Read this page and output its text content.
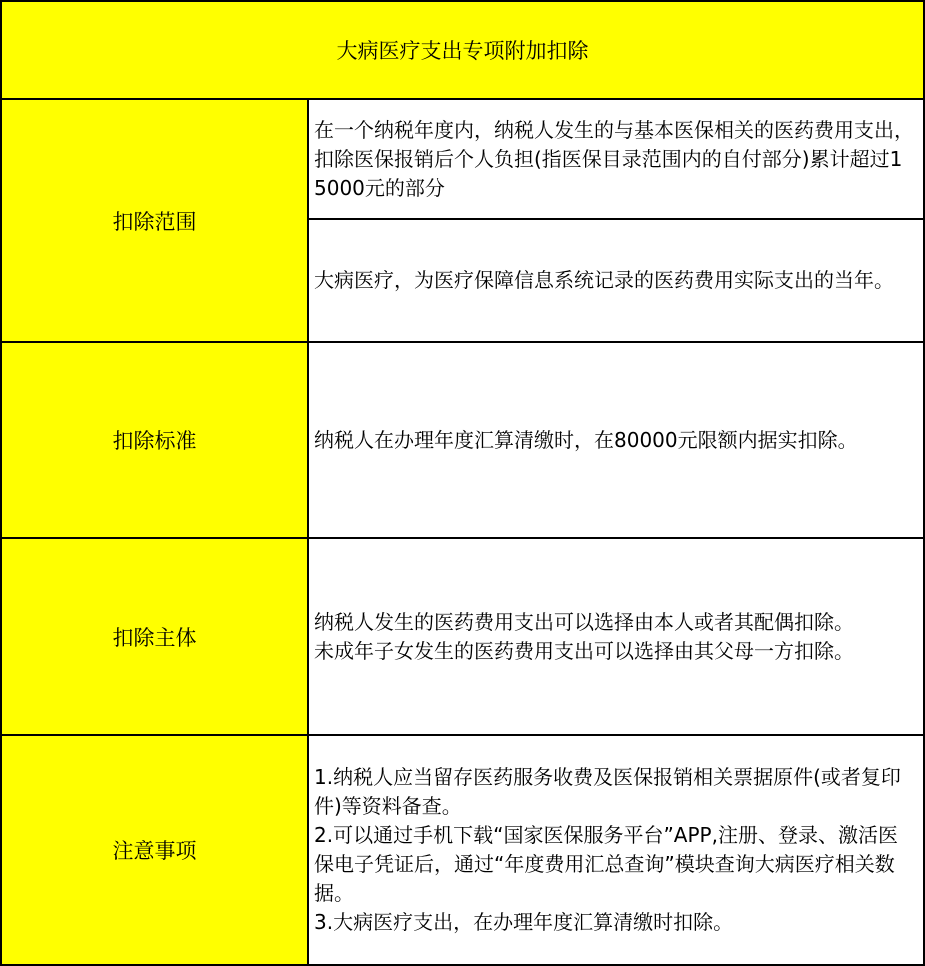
大病医疗支出专项附加扣除
扣除范围
在一个纳税年度内，纳税人发生的与基本医保相关的医药费用支出，扣除医保报销后个人负担(指医保目录范围内的自付部分)累计超过15000元的部分
大病医疗，为医疗保障信息系统记录的医药费用实际支出的当年。
扣除标准	纳税人在办理年度汇算清缴时，在80000元限额内据实扣除。
扣除主体
纳税人发生的医药费用支出可以选择由本人或者其配偶扣除。
未成年子女发生的医药费用支出可以选择由其父母一方扣除。
注意事项
1.纳税人应当留存医药服务收费及医保报销相关票据原件(或者复印件)等资料备查。
2.可以通过手机下载“国家医保服务平台”APP,注册、登录、激活医保电子凭证后，通过“年度费用汇总查询”模块查询大病医疗相关数据。
3.大病医疗支出，在办理年度汇算清缴时扣除。
